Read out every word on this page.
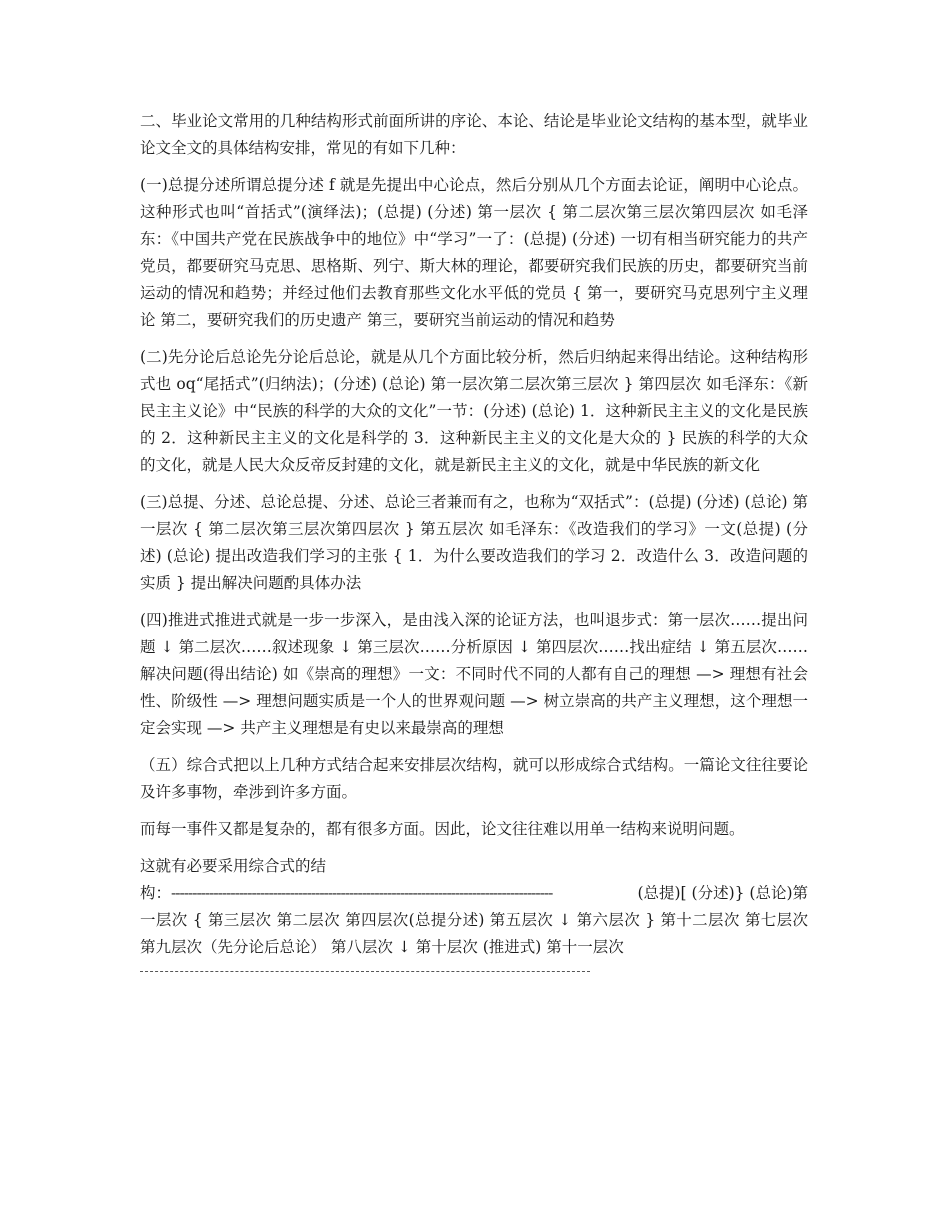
二、毕业论文常用的几种结构形式前面所讲的序论、本论、结论是毕业论文结构的基本型，就毕业论文全文的具体结构安排，常见的有如下几种：

(一)总提分述所谓总提分述 f 就是先提出中心论点，然后分别从几个方面去论证，阐明中心论点。这种形式也叫“首括式”(演绎法)；(总提) (分述) 第一层次 { 第二层次第三层次第四层次 如毛泽东：《中国共产党在民族战争中的地位》中“学习”一了：(总提) (分述) 一切有相当研究能力的共产党员，都要研究马克思、思格斯、列宁、斯大林的理论，都要研究我们民族的历史，都要研究当前运动的情况和趋势；并经过他们去教育那些文化水平低的党员 { 第一，要研究马克思列宁主义理论 第二，要研究我们的历史遗产 第三，要研究当前运动的情况和趋势

(二)先分论后总论先分论后总论，就是从几个方面比较分析，然后归纳起来得出结论。这种结构形式也 oq“尾括式”(归纳法)；(分述) (总论) 第一层次第二层次第三层次 } 第四层次 如毛泽东：《新民主主义论》中“民族的科学的大众的文化”一节：(分述) (总论) 1．这种新民主主义的文化是民族的 2．这种新民主主义的文化是科学的 3．这种新民主主义的文化是大众的 } 民族的科学的大众的文化，就是人民大众反帝反封建的文化，就是新民主主义的文化，就是中华民族的新文化

(三)总提、分述、总论总提、分述、总论三者兼而有之，也称为“双括式”：(总提) (分述) (总论) 第一层次 { 第二层次第三层次第四层次 } 第五层次 如毛泽东：《改造我们的学习》一文(总提) (分述) (总论) 提出改造我们学习的主张 { 1．为什么要改造我们的学习 2．改造什么 3．改造问题的实质 } 提出解决问题酌具体办法

(四)推进式推进式就是一步一步深入，是由浅入深的论证方法，也叫退步式：第一层次……提出问题 ↓ 第二层次……叙述现象 ↓ 第三层次……分析原因 ↓ 第四层次……找出症结 ↓ 第五层次……解决问题(得出结论) 如《崇高的理想》一文：不同时代不同的人都有自己的理想 —> 理想有社会性、阶级性 —> 理想问题实质是一个人的世界观问题 —> 树立崇高的共产主义理想，这个理想一定会实现 —> 共产主义理想是有史以来最崇高的理想

（五）综合式把以上几种方式结合起来安排层次结构，就可以形成综合式结构。一篇论文往往要论及许多事物，牵涉到许多方面。

而每一事件又都是复杂的，都有很多方面。因此，论文往往难以用单一结构来说明问题。

这就有必要采用综合式的结
构： ------------------------------------------------------------------------------------------	(总提)[ (分述)} (总论)第
一层次 { 第三层次 第二层次 第四层次(总提分述) 第五层次 ↓ 第六层次 } 第十二层次 第七层次 第九层次（先分论后总论） 第八层次 ↓ 第十层次 (推进式) 第十一层次
